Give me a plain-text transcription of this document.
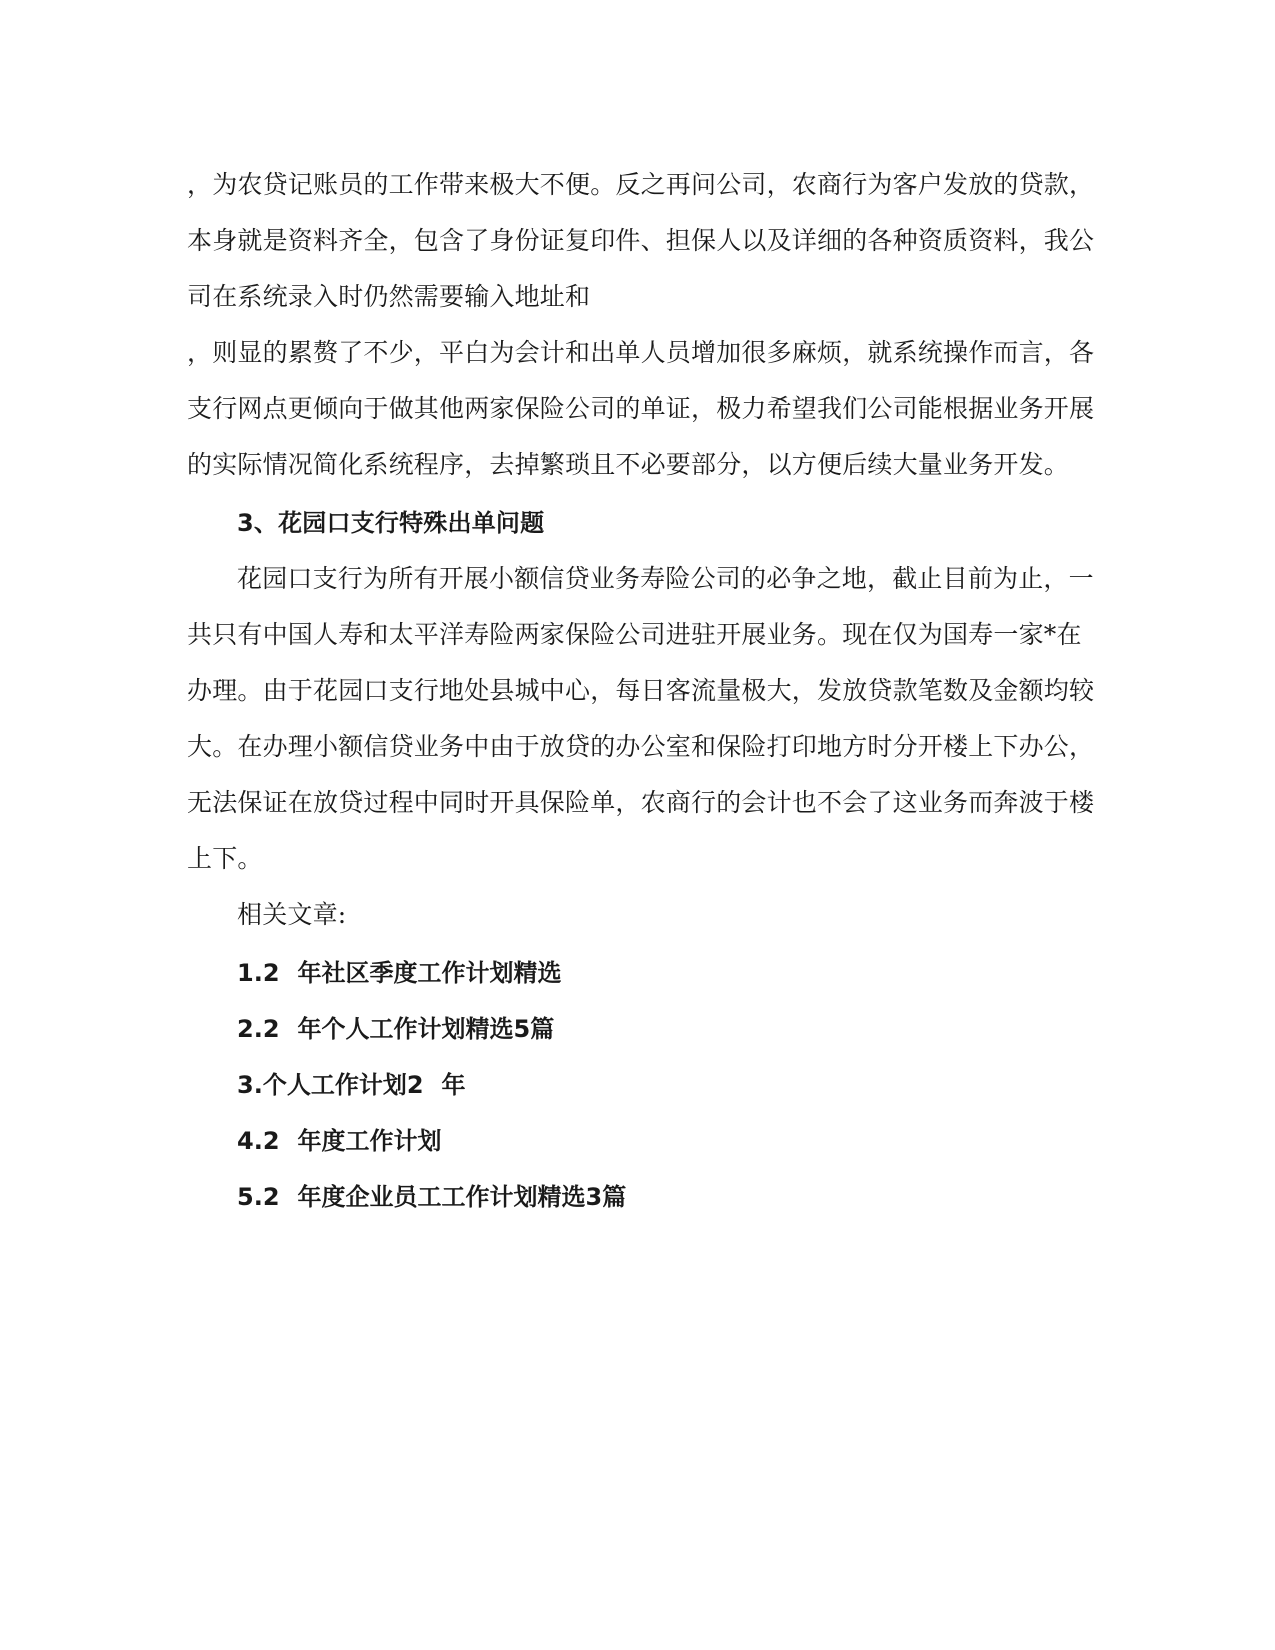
，为农贷记账员的工作带来极大不便。反之再问公司，农商行为客户发放的贷款，
本身就是资料齐全，包含了身份证复印件、担保人以及详细的各种资质资料，我公
司在系统录入时仍然需要输入地址和
，则显的累赘了不少，平白为会计和出单人员增加很多麻烦，就系统操作而言，各
支行网点更倾向于做其他两家保险公司的单证，极力希望我们公司能根据业务开展
的实际情况简化系统程序，去掉繁琐且不必要部分，以方便后续大量业务开发。
3、花园口支行特殊出单问题
花园口支行为所有开展小额信贷业务寿险公司的必争之地，截止目前为止，一
共只有中国人寿和太平洋寿险两家保险公司进驻开展业务。现在仅为国寿一家*在
办理。由于花园口支行地处县城中心，每日客流量极大，发放贷款笔数及金额均较
大。在办理小额信贷业务中由于放贷的办公室和保险打印地方时分开楼上下办公，
无法保证在放贷过程中同时开具保险单，农商行的会计也不会了这业务而奔波于楼
上下。
相关文章:
1.2 年社区季度工作计划精选
2.2 年个人工作计划精选5篇
3.个人工作计划2 年
4.2 年度工作计划
5.2 年度企业员工工作计划精选3篇
